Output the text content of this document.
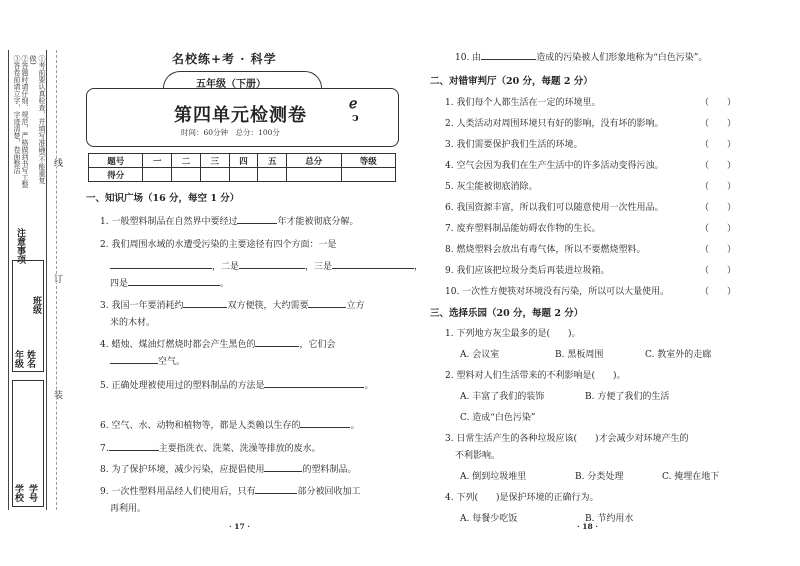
①考前要认真检查，并填写准确(不能重复做)
②答题时请仔细、规范，严格做到书写工整
③答卷前请立字，字迹清楚，卷面整洁
注意事项
年级 姓名
班级
学校 学号
线
订
装
名校练+考 · 科学
五年级（下册）
第四单元检测卷
时间：60分钟　总分：100分
ℯ
ↄ
题号	一	二	三	四	五	总分	等级
得分							
一、知识广场（16 分，每空 1 分）
1. 一般塑料制品在自然界中要经过	年才能被彻底分解。
2. 我们周围水域的水遭受污染的主要途径有四个方面：一是
，二是	，三是	，
四是	。
3. 我国一年要消耗约	双方便筷，大约需要	立方
米的木材。
4. 蜡烛、煤油灯燃烧时都会产生黑色的	，它们会
空气。
5. 正确处理被使用过的塑料制品的方法是	。
6. 空气、水、动物和植物等，都是人类赖以生存的	。
7.	主要指洗衣、洗菜、洗澡等排放的废水。
8. 为了保护环境，减少污染，应提倡使用	的塑料制品。
9. 一次性塑料用品经人们使用后，只有	部分被回收加工
再利用。
· 17 ·
10. 由	造成的污染被人们形象地称为“白色污染”。
二、对错审判厅（20 分，每题 2 分）
1. 我们每个人都生活在一定的环境里。	（　　）
2. 人类活动对周围环境只有好的影响，没有坏的影响。	（　　）
3. 我们需要保护我们生活的环境。	（　　）
4. 空气会因为我们在生产生活中的许多活动变得污浊。	（　　）
5. 灰尘能被彻底消除。	（　　）
6. 我国资源丰富，所以我们可以随意使用一次性用品。	（　　）
7. 废弃塑料制品能妨碍农作物的生长。	（　　）
8. 燃烧塑料会放出有毒气体，所以不要燃烧塑料。	（　　）
9. 我们应该把垃圾分类后再装进垃圾箱。	（　　）
10. 一次性方便筷对环境没有污染，所以可以大量使用。	（　　）
三、选择乐园（20 分，每题 2 分）
1. 下列地方灰尘最多的是(　　)。
A. 会议室	B. 黑板周围	C. 教室外的走廊
2. 塑料对人们生活带来的不利影响是(　　)。
A. 丰富了我们的装饰	B. 方便了我们的生活
C. 造成“白色污染”
3. 日常生活产生的各种垃圾应该(　　)才会减少对环境产生的
不利影响。
A. 倒到垃圾堆里	B. 分类处理	C. 掩埋在地下
4. 下列(　　)是保护环境的正确行为。
A. 每餐少吃饭	B. 节约用水
· 18 ·
